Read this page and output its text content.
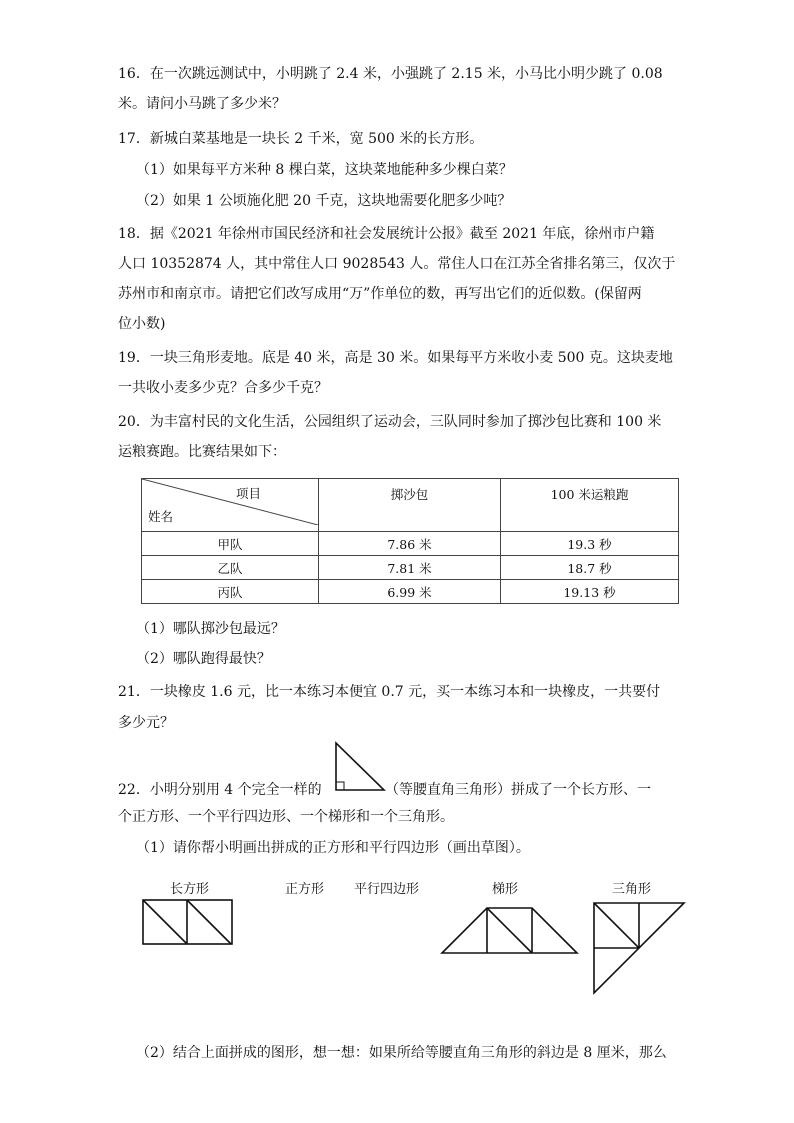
16．在一次跳远测试中，小明跳了 2.4 米，小强跳了 2.15 米，小马比小明少跳了 0.08
米。请问小马跳了多少米？
17．新城白菜基地是一块长 2 千米，宽 500 米的长方形。
（1）如果每平方米种 8 棵白菜，这块菜地能种多少棵白菜？
（2）如果 1 公顷施化肥 20 千克，这块地需要化肥多少吨？
18．据《2021 年徐州市国民经济和社会发展统计公报》截至 2021 年底，徐州市户籍
人口 10352874 人，其中常住人口 9028543 人。常住人口在江苏全省排名第三，仅次于
苏州市和南京市。请把它们改写成用“万”作单位的数，再写出它们的近似数。(保留两
位小数)
19．一块三角形麦地。底是 40 米，高是 30 米。如果每平方米收小麦 500 克。这块麦地
一共收小麦多少克？合多少千克？
20．为丰富村民的文化生活，公园组织了运动会，三队同时参加了掷沙包比赛和 100 米
运粮赛跑。比赛结果如下：
项目
姓名	掷沙包	100 米运粮跑
甲队	7.86 米	19.3 秒
乙队	7.81 米	18.7 秒
丙队	6.99 米	19.13 秒
（1）哪队掷沙包最远？
（2）哪队跑得最快？
21．一块橡皮 1.6 元，比一本练习本便宜 0.7 元，买一本练习本和一块橡皮，一共要付
多少元？
22．小明分别用 4 个完全一样的	（等腰直角三角形）拼成了一个长方形、一
个正方形、一个平行四边形、一个梯形和一个三角形。
（1）请你帮小明画出拼成的正方形和平行四边形（画出草图）。
长方形	正方形 平行四边形	梯形	三角形
（2）结合上面拼成的图形，想一想：如果所给等腰直角三角形的斜边是 8 厘米，那么
